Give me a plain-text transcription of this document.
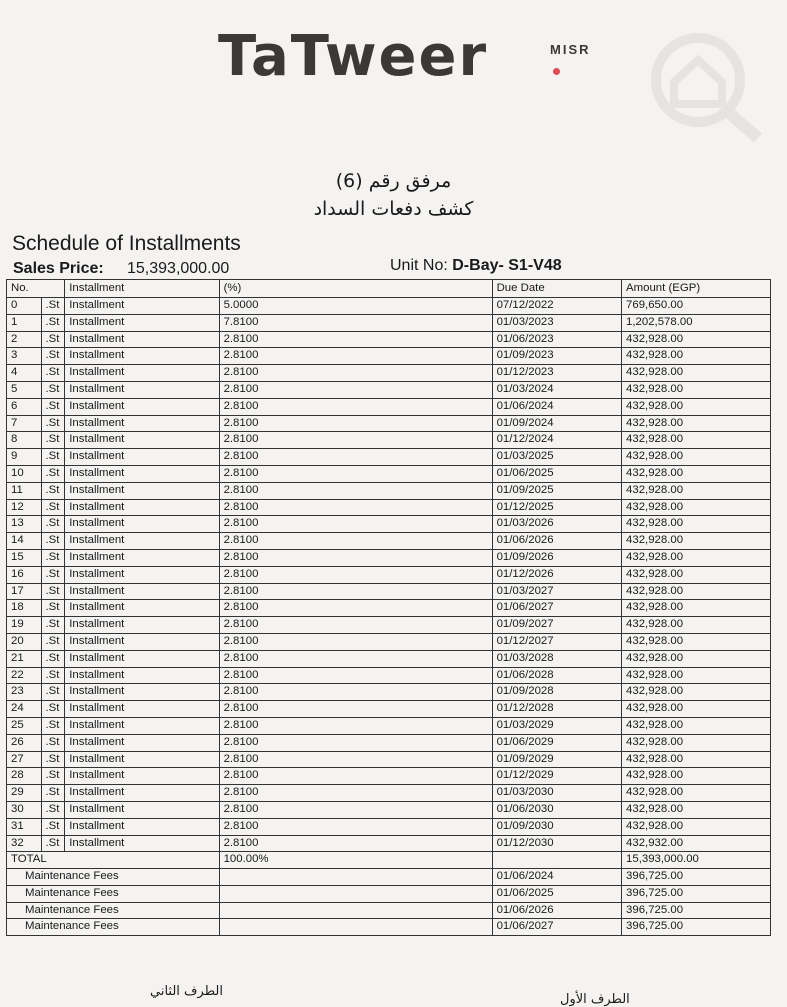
TaTweer	MISR
مرفق رقم (6)
كشف دفعات السداد
Schedule of Installments
Sales Price: 15,393,000.00	Unit No: D-Bay- S1-V48
No.		Installment	(%)	Due Date	Amount (EGP)
0	.St	Installment	5.0000	07/12/2022	769,650.00
1	.St	Installment	7.8100	01/03/2023	1,202,578.00
2	.St	Installment	2.8100	01/06/2023	432,928.00
3	.St	Installment	2.8100	01/09/2023	432,928.00
4	.St	Installment	2.8100	01/12/2023	432,928.00
5	.St	Installment	2.8100	01/03/2024	432,928.00
6	.St	Installment	2.8100	01/06/2024	432,928.00
7	.St	Installment	2.8100	01/09/2024	432,928.00
8	.St	Installment	2.8100	01/12/2024	432,928.00
9	.St	Installment	2.8100	01/03/2025	432,928.00
10	.St	Installment	2.8100	01/06/2025	432,928.00
11	.St	Installment	2.8100	01/09/2025	432,928.00
12	.St	Installment	2.8100	01/12/2025	432,928.00
13	.St	Installment	2.8100	01/03/2026	432,928.00
14	.St	Installment	2.8100	01/06/2026	432,928.00
15	.St	Installment	2.8100	01/09/2026	432,928.00
16	.St	Installment	2.8100	01/12/2026	432,928.00
17	.St	Installment	2.8100	01/03/2027	432,928.00
18	.St	Installment	2.8100	01/06/2027	432,928.00
19	.St	Installment	2.8100	01/09/2027	432,928.00
20	.St	Installment	2.8100	01/12/2027	432,928.00
21	.St	Installment	2.8100	01/03/2028	432,928.00
22	.St	Installment	2.8100	01/06/2028	432,928.00
23	.St	Installment	2.8100	01/09/2028	432,928.00
24	.St	Installment	2.8100	01/12/2028	432,928.00
25	.St	Installment	2.8100	01/03/2029	432,928.00
26	.St	Installment	2.8100	01/06/2029	432,928.00
27	.St	Installment	2.8100	01/09/2029	432,928.00
28	.St	Installment	2.8100	01/12/2029	432,928.00
29	.St	Installment	2.8100	01/03/2030	432,928.00
30	.St	Installment	2.8100	01/06/2030	432,928.00
31	.St	Installment	2.8100	01/09/2030	432,928.00
32	.St	Installment	2.8100	01/12/2030	432,932.00
TOTAL			100.00%		15,393,000.00
Maintenance Fees				01/06/2024	396,725.00
Maintenance Fees				01/06/2025	396,725.00
Maintenance Fees				01/06/2026	396,725.00
Maintenance Fees				01/06/2027	396,725.00
الطرف الثاني
الطرف الأول
